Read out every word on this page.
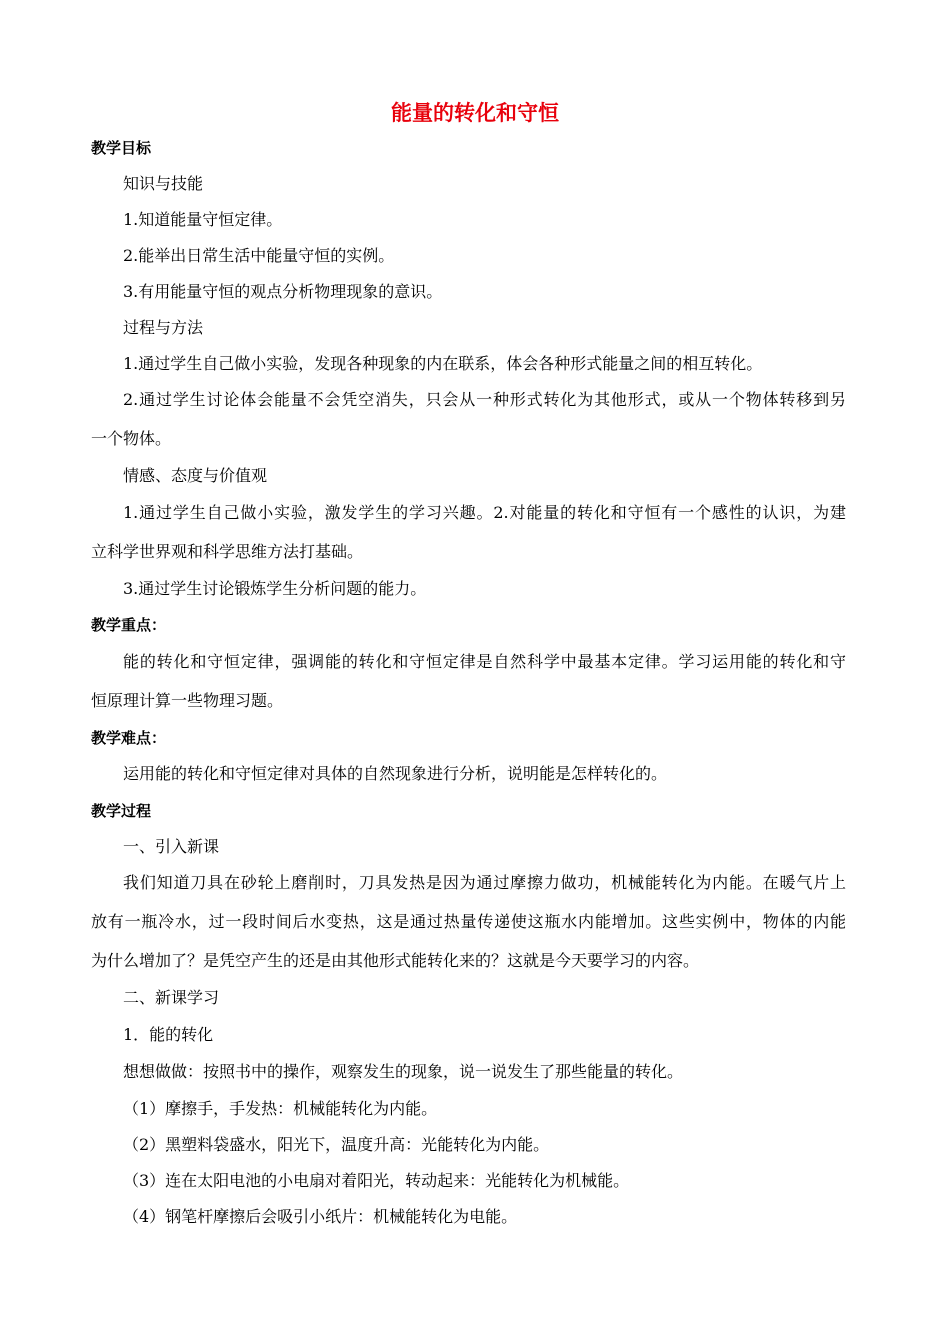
能量的转化和守恒
教学目标
知识与技能
1.知道能量守恒定律。
2.能举出日常生活中能量守恒的实例。
3.有用能量守恒的观点分析物理现象的意识。
过程与方法
1.通过学生自己做小实验，发现各种现象的内在联系，体会各种形式能量之间的相互转化。
2.通过学生讨论体会能量不会凭空消失，只会从一种形式转化为其他形式，或从一个物体转移到另
一个物体。
情感、态度与价值观
1.通过学生自己做小实验，激发学生的学习兴趣。2.对能量的转化和守恒有一个感性的认识，为建
立科学世界观和科学思维方法打基础。
3.通过学生讨论锻炼学生分析问题的能力。
教学重点：
能的转化和守恒定律，强调能的转化和守恒定律是自然科学中最基本定律。学习运用能的转化和守
恒原理计算一些物理习题。
教学难点：
运用能的转化和守恒定律对具体的自然现象进行分析，说明能是怎样转化的。
教学过程
一、引入新课
我们知道刀具在砂轮上磨削时，刀具发热是因为通过摩擦力做功，机械能转化为内能。在暖气片上
放有一瓶冷水，过一段时间后水变热，这是通过热量传递使这瓶水内能增加。这些实例中，物体的内能
为什么增加了？是凭空产生的还是由其他形式能转化来的？这就是今天要学习的内容。
二、新课学习
1．能的转化
想想做做：按照书中的操作，观察发生的现象，说一说发生了那些能量的转化。
（1）摩擦手，手发热：机械能转化为内能。
（2）黑塑料袋盛水，阳光下，温度升高：光能转化为内能。
（3）连在太阳电池的小电扇对着阳光，转动起来：光能转化为机械能。
（4）钢笔杆摩擦后会吸引小纸片：机械能转化为电能。
